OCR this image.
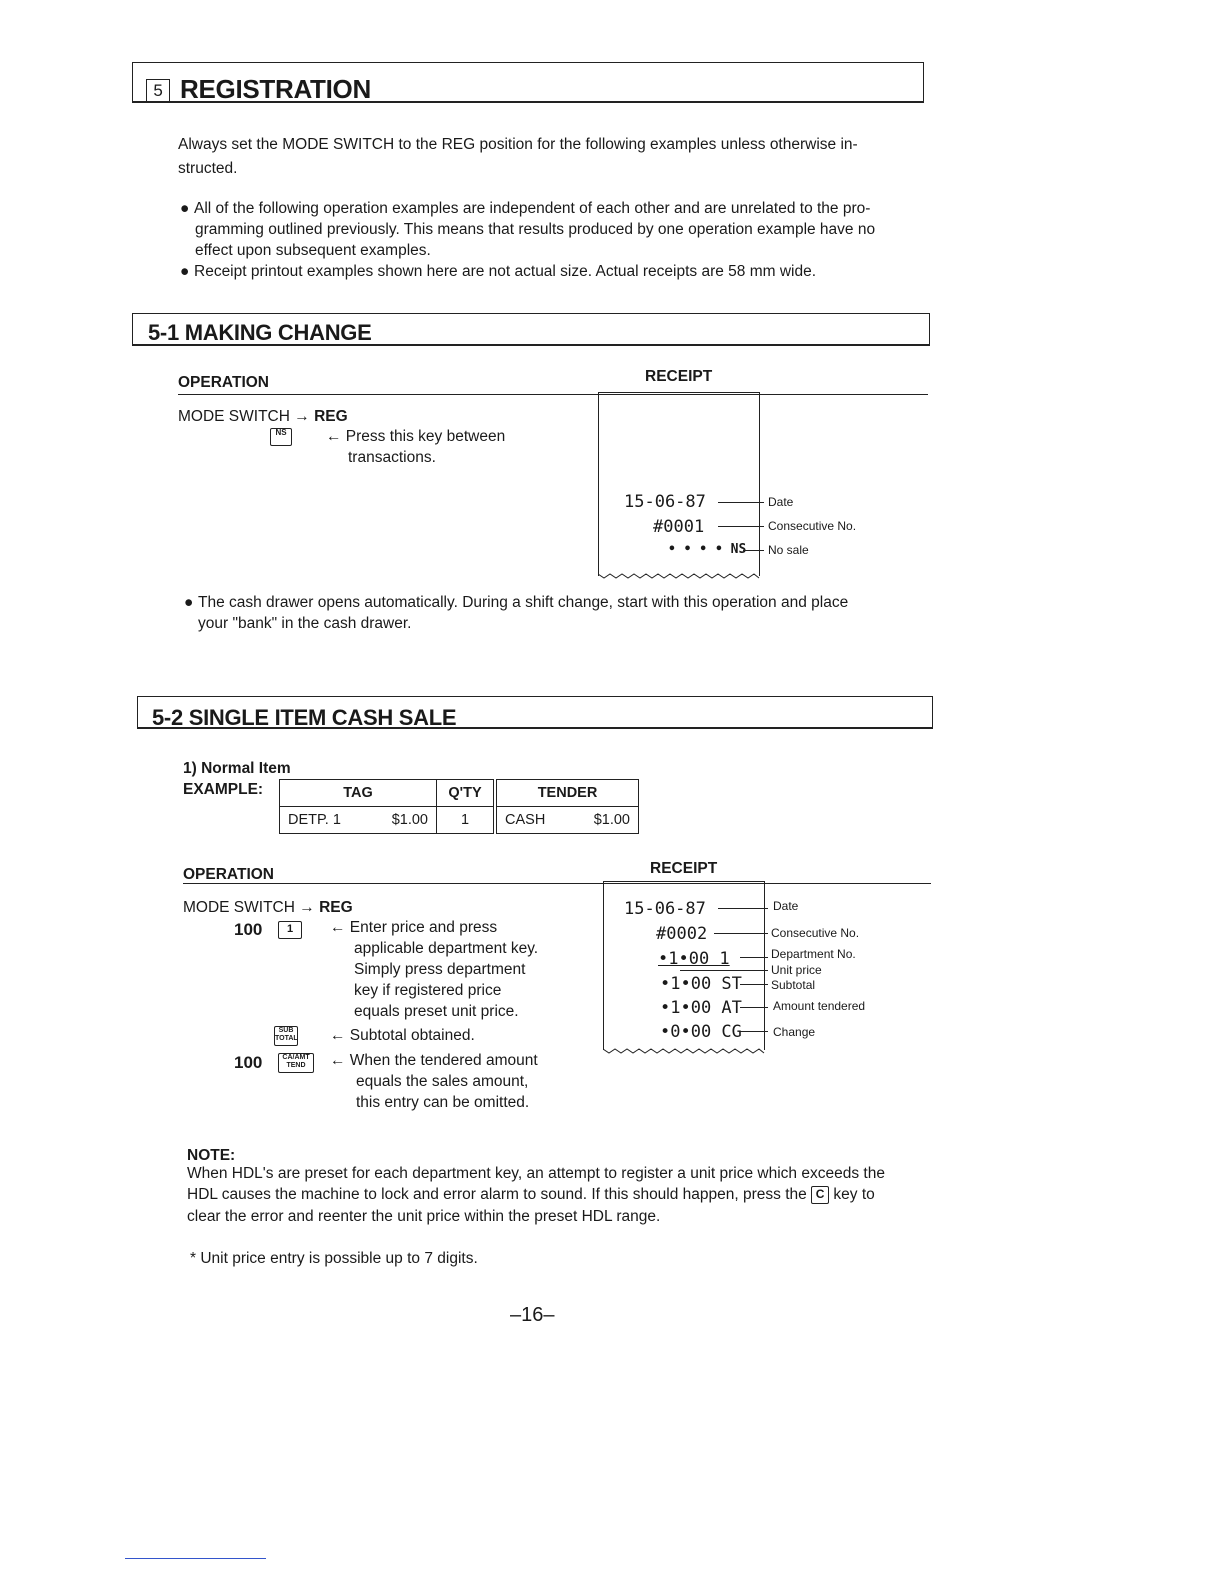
5 REGISTRATION

Always set the MODE SWITCH to the REG position for the following examples unless otherwise in-

structed.

● All of the following operation examples are independent of each other and are unrelated to the pro-

gramming outlined previously. This means that results produced by one operation example have no

effect upon subsequent examples.

● Receipt printout examples shown here are not actual size. Actual receipts are 58 mm wide.

5-1 MAKING CHANGE
OPERATION	RECEIPT
MODE SWITCH → REG
NS	← Press this key between
transactions.
15-06-87
#0001
• • • • NS
Date
Consecutive No.
No sale

● The cash drawer opens automatically. During a shift change, start with this operation and place

your "bank" in the cash drawer.

5-2 SINGLE ITEM CASH SALE
1) Normal Item
EXAMPLE:	TAG		Q'TY	TENDER	
DETP. 1	$1.00	1	CASH	$1.00
OPERATION	RECEIPT
MODE SWITCH → REG
100	1	← Enter price and press
applicable department key.
Simply press department
key if registered price
equals preset unit price.
SUB TOTAL ← Subtotal obtained.
100	CA/AMT TEND	← When the tendered amount
equals the sales amount,
this entry can be omitted.
15-06-87
#0002
•1•00 1
•1•00 ST
•1•00 AT
•0•00 CG
Date
Consecutive No.
Department No.
Unit price
Subtotal
Amount tendered
Change
NOTE:

When HDL's are preset for each department key, an attempt to register a unit price which exceeds the

HDL causes the machine to lock and error alarm to sound. If this should happen, press the C key to

clear the error and reenter the unit price within the preset HDL range.

* Unit price entry is possible up to 7 digits.

–16–
